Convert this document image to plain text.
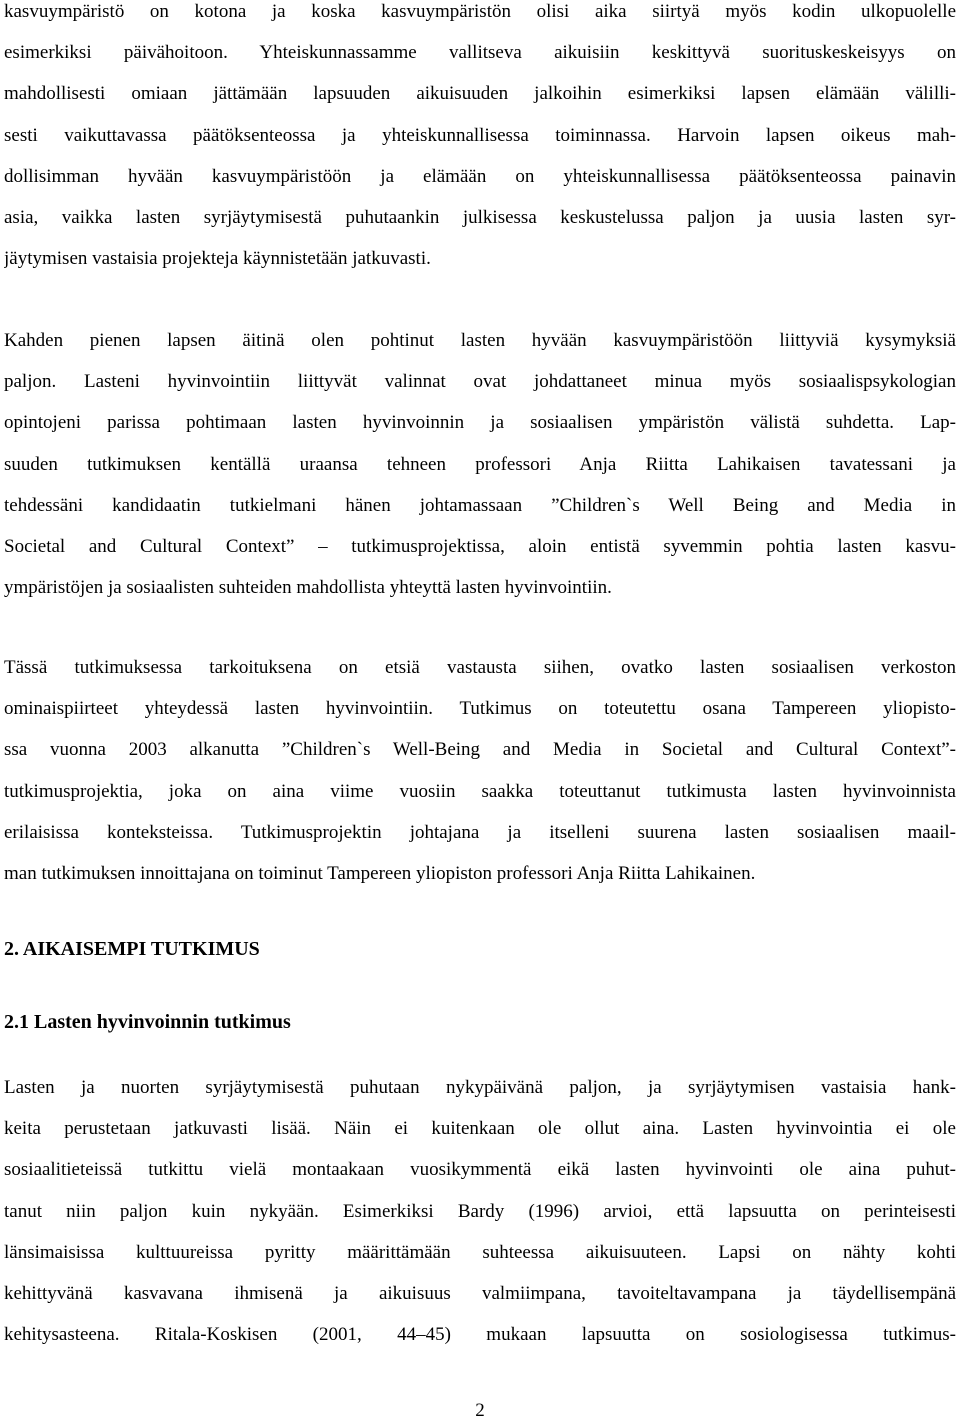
kasvuympäristö on kotona ja koska kasvuympäristön olisi aika siirtyä myös kodin ulkopuolelle
esimerkiksi päivähoitoon. Yhteiskunnassamme vallitseva aikuisiin keskittyvä suorituskeskeisyys on
mahdollisesti omiaan jättämään lapsuuden aikuisuuden jalkoihin esimerkiksi lapsen elämään välilli-
sesti vaikuttavassa päätöksenteossa ja yhteiskunnallisessa toiminnassa. Harvoin lapsen oikeus mah-
dollisimman hyvään kasvuympäristöön ja elämään on yhteiskunnallisessa päätöksenteossa painavin
asia, vaikka lasten syrjäytymisestä puhutaankin julkisessa keskustelussa paljon ja uusia lasten syr-
jäytymisen vastaisia projekteja käynnistetään jatkuvasti.
Kahden pienen lapsen äitinä olen pohtinut lasten hyvään kasvuympäristöön liittyviä kysymyksiä
paljon. Lasteni hyvinvointiin liittyvät valinnat ovat johdattaneet minua myös sosiaalispsykologian
opintojeni parissa pohtimaan lasten hyvinvoinnin ja sosiaalisen ympäristön välistä suhdetta. Lap-
suuden tutkimuksen kentällä uraansa tehneen professori Anja Riitta Lahikaisen tavatessani ja
tehdessäni kandidaatin tutkielmani hänen johtamassaan ”Children`s Well Being and Media in
Societal and Cultural Context” – tutkimusprojektissa, aloin entistä syvemmin pohtia lasten kasvu-
ympäristöjen ja sosiaalisten suhteiden mahdollista yhteyttä lasten hyvinvointiin.
Tässä tutkimuksessa tarkoituksena on etsiä vastausta siihen, ovatko lasten sosiaalisen verkoston
ominaispiirteet yhteydessä lasten hyvinvointiin. Tutkimus on toteutettu osana Tampereen yliopisto-
ssa vuonna 2003 alkanutta ”Children`s Well-Being and Media in Societal and Cultural Context”-
tutkimusprojektia, joka on aina viime vuosiin saakka toteuttanut tutkimusta lasten hyvinvoinnista
erilaisissa konteksteissa. Tutkimusprojektin johtajana ja itselleni suurena lasten sosiaalisen maail-
man tutkimuksen innoittajana on toiminut Tampereen yliopiston professori Anja Riitta Lahikainen.
2. AIKAISEMPI TUTKIMUS
2.1 Lasten hyvinvoinnin tutkimus
Lasten ja nuorten syrjäytymisestä puhutaan nykypäivänä paljon, ja syrjäytymisen vastaisia hank-
keita perustetaan jatkuvasti lisää. Näin ei kuitenkaan ole ollut aina. Lasten hyvinvointia ei ole
sosiaalitieteissä tutkittu vielä montaakaan vuosikymmentä eikä lasten hyvinvointi ole aina puhut-
tanut niin paljon kuin nykyään. Esimerkiksi Bardy (1996) arvioi, että lapsuutta on perinteisesti
länsimaisissa kulttuureissa pyritty määrittämään suhteessa aikuisuuteen. Lapsi on nähty kohti
kehittyvänä kasvavana ihmisenä ja aikuisuus valmiimpana, tavoiteltavampana ja täydellisempänä
kehitysasteena. Ritala-Koskisen (2001, 44–45) mukaan lapsuutta on sosiologisessa tutkimus-
2
